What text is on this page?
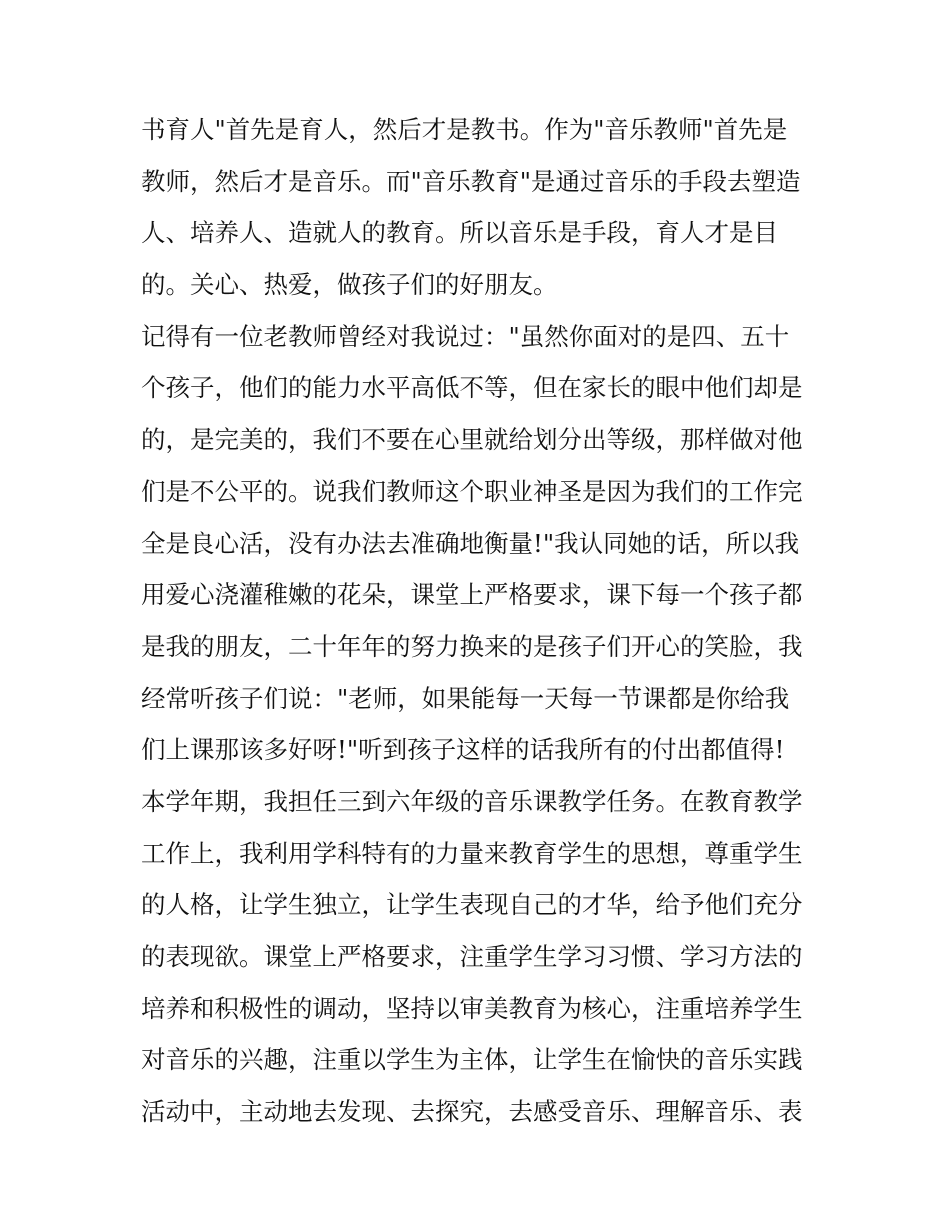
书育人"首先是育人，然后才是教书。作为"音乐教师"首先是
教师，然后才是音乐。而"音乐教育"是通过音乐的手段去塑造
人、培养人、造就人的教育。所以音乐是手段，育人才是目
的。关心、热爱，做孩子们的好朋友。
记得有一位老教师曾经对我说过："虽然你面对的是四、五十
个孩子，他们的能力水平高低不等，但在家长的眼中他们却是
的，是完美的，我们不要在心里就给划分出等级，那样做对他
们是不公平的。说我们教师这个职业神圣是因为我们的工作完
全是良心活，没有办法去准确地衡量!"我认同她的话，所以我
用爱心浇灌稚嫩的花朵，课堂上严格要求，课下每一个孩子都
是我的朋友，二十年年的努力换来的是孩子们开心的笑脸，我
经常听孩子们说："老师，如果能每一天每一节课都是你给我
们上课那该多好呀!"听到孩子这样的话我所有的付出都值得!
本学年期，我担任三到六年级的音乐课教学任务。在教育教学
工作上，我利用学科特有的力量来教育学生的思想，尊重学生
的人格，让学生独立，让学生表现自己的才华，给予他们充分
的表现欲。课堂上严格要求，注重学生学习习惯、学习方法的
培养和积极性的调动，坚持以审美教育为核心，注重培养学生
对音乐的兴趣，注重以学生为主体，让学生在愉快的音乐实践
活动中，主动地去发现、去探究，去感受音乐、理解音乐、表
